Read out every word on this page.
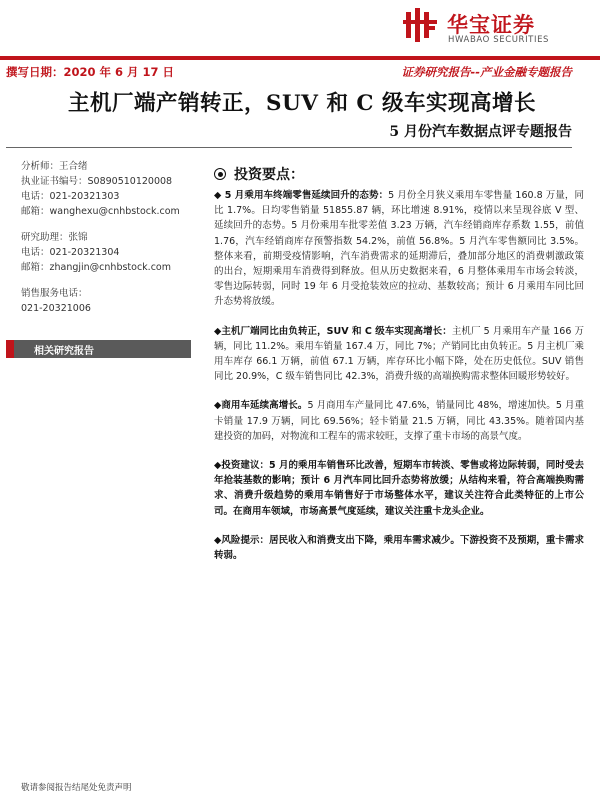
华宝证券
HWABAO SECURITIES
撰写日期：2020 年 6 月 17 日	证券研究报告--产业金融专题报告
主机厂端产销转正，SUV 和 C 级车实现高增长
5 月份汽车数据点评专题报告
分析师：王合绪
执业证书编号：S0890510120008
电话：021-20321303
邮箱：wanghexu@cnhbstock.com
研究助理：张锦
电话：021-20321304
邮箱：zhangjin@cnhbstock.com
销售服务电话：
021-20321006
相关研究报告
投资要点：
◆ 5 月乘用车终端零售延续回升的态势：5 月份全月狭义乘用车零售量 160.8 万量，同比 1.7%。日均零售销量 51855.87 辆，环比增速 8.91%，疫情以来呈现谷底 V 型、延续回升的态势。5 月份乘用车批零差值 3.23 万辆，汽车经销商库存系数 1.55，前值 1.76，汽车经销商库存预警指数 54.2%，前值 56.8%。5 月汽车零售额同比 3.5%。整体来看，前期受疫情影响，汽车消费需求的延期滞后，叠加部分地区的消费刺激政策的出台，短期乘用车消费得到释放。但从历史数据来看，6 月整体乘用车市场会转淡，零售边际转弱，同时 19 年 6 月受抢装效应的拉动、基数较高；预计 6 月乘用车同比回升态势将放缓。
◆主机厂端同比由负转正，SUV 和 C 级车实现高增长：主机厂 5 月乘用车产量 166 万辆，同比 11.2%。乘用车销量 167.4 万，同比 7%；产销同比由负转正。5 月主机厂乘用车库存 66.1 万辆，前值 67.1 万辆，库存环比小幅下降，处在历史低位。SUV 销售同比 20.9%，C 级车销售同比 42.3%，消费升级的高端换购需求整体回暖形势较好。
◆商用车延续高增长。5 月商用车产量同比 47.6%，销量同比 48%，增速加快。5 月重卡销量 17.9 万辆，同比 69.56%；轻卡销量 21.5 万辆，同比 43.35%。随着国内基建投资的加码，对物流和工程车的需求较旺，支撑了重卡市场的高景气度。
◆投资建议：5 月的乘用车销售环比改善，短期车市转淡、零售或将边际转弱，同时受去年抢装基数的影响；预计 6 月汽车同比回升态势将放缓；从结构来看，符合高端换购需求、消费升级趋势的乘用车销售好于市场整体水平，建议关注符合此类特征的上市公司。在商用车领域，市场高景气度延续，建议关注重卡龙头企业。
◆风险提示：居民收入和消费支出下降，乘用车需求减少。下游投资不及预期，重卡需求转弱。
敬请参阅报告结尾处免责声明
